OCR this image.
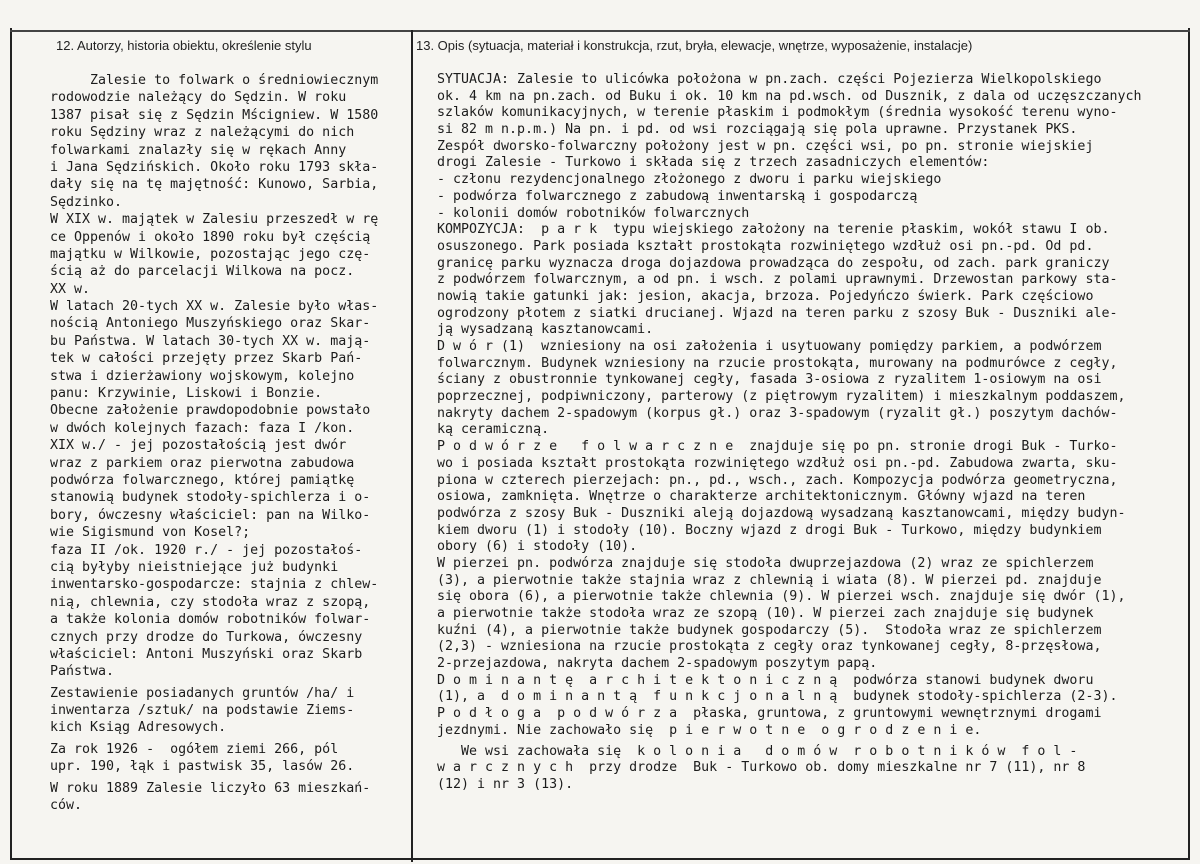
12. Autorzy, historia obiektu, określenie stylu	13. Opis (sytuacja, materiał i konstrukcja, rzut, bryła, elewacje, wnętrze, wyposażenie, instalacje)
Zalesie to folwark o średniowiecznym
rodowodzie należący do Sędzin. W roku
1387 pisał się z Sędzin Mścigniew. W 1580
roku Sędziny wraz z należącymi do nich
folwarkami znalazły się w rękach Anny
i Jana Sędzińskich. Około roku 1793 skła-
dały się na tę majętność: Kunowo, Sarbia,
Sędzinko.
W XIX w. majątek w Zalesiu przeszedł w rę
ce Oppenów i około 1890 roku był częścią
majątku w Wilkowie, pozostając jego czę-
ścią aż do parcelacji Wilkowa na pocz.
XX w.
W latach 20-tych XX w. Zalesie było włas-
nością Antoniego Muszyńskiego oraz Skar-
bu Państwa. W latach 30-tych XX w. mają-
tek w całości przejęty przez Skarb Pań-
stwa i dzierżawiony wojskowym, kolejno
panu: Krzywinie, Liskowi i Bonzie.
Obecne założenie prawdopodobnie powstało
w dwóch kolejnych fazach: faza I /kon.
XIX w./ - jej pozostałością jest dwór
wraz z parkiem oraz pierwotna zabudowa
podwórza folwarcznego, której pamiątkę
stanowią budynek stodoły-spichlerza i o-
bory, ówczesny właściciel: pan na Wilko-
wie Sigismund von Kosel?;
faza II /ok. 1920 r./ - jej pozostałoś-
cią byłyby nieistniejące już budynki
inwentarsko-gospodarcze: stajnia z chlew-
nią, chlewnia, czy stodoła wraz z szopą,
a także kolonia domów robotników folwar-
cznych przy drodze do Turkowa, ówczesny
właściciel: Antoni Muszyński oraz Skarb
Państwa.
Zestawienie posiadanych gruntów /ha/ i
inwentarza /sztuk/ na podstawie Ziems-
kich Ksiąg Adresowych.
Za rok 1926 -  ogółem ziemi 266, pól
upr. 190, łąk i pastwisk 35, lasów 26.
W roku 1889 Zalesie liczyło 63 mieszkań-
ców.
SYTUACJA: Zalesie to ulicówka położona w pn.zach. części Pojezierza Wielkopolskiego
ok. 4 km na pn.zach. od Buku i ok. 10 km na pd.wsch. od Dusznik, z dala od uczęszczanych
szlaków komunikacyjnych, w terenie płaskim i podmokłym (średnia wysokość terenu wyno-
si 82 m n.p.m.) Na pn. i pd. od wsi rozciągają się pola uprawne. Przystanek PKS.
Zespół dworsko-folwarczny położony jest w pn. części wsi, po pn. stronie wiejskiej
drogi Zalesie - Turkowo i składa się z trzech zasadniczych elementów:
- członu rezydencjonalnego złożonego z dworu i parku wiejskiego
- podwórza folwarcznego z zabudową inwentarską i gospodarczą
- kolonii domów robotników folwarcznych
KOMPOZYCJA:  p a r k  typu wiejskiego założony na terenie płaskim, wokół stawu I ob.
osuszonego. Park posiada kształt prostokąta rozwiniętego wzdłuż osi pn.-pd. Od pd.
granicę parku wyznacza droga dojazdowa prowadząca do zespołu, od zach. park graniczy
z podwórzem folwarcznym, a od pn. i wsch. z polami uprawnymi. Drzewostan parkowy sta-
nowią takie gatunki jak: jesion, akacja, brzoza. Pojedyńczo świerk. Park częściowo
ogrodzony płotem z siatki drucianej. Wjazd na teren parku z szosy Buk - Duszniki ale-
ją wysadzaną kasztanowcami.
D w ó r (1)  wzniesiony na osi założenia i usytuowany pomiędzy parkiem, a podwórzem
folwarcznym. Budynek wzniesiony na rzucie prostokąta, murowany na podmurówce z cegły,
ściany z obustronnie tynkowanej cegły, fasada 3-osiowa z ryzalitem 1-osiowym na osi
poprzecznej, podpiwniczony, parterowy (z piętrowym ryzalitem) i mieszkalnym poddaszem,
nakryty dachem 2-spadowym (korpus gł.) oraz 3-spadowym (ryzalit gł.) poszytym dachów-
ką ceramiczną.
P o d w ó r z e   f o l w a r c z n e  znajduje się po pn. stronie drogi Buk - Turko-
wo i posiada kształt prostokąta rozwiniętego wzdłuż osi pn.-pd. Zabudowa zwarta, sku-
piona w czterech pierzejach: pn., pd., wsch., zach. Kompozycja podwórza geometryczna,
osiowa, zamknięta. Wnętrze o charakterze architektonicznym. Główny wjazd na teren
podwórza z szosy Buk - Duszniki aleją dojazdową wysadzaną kasztanowcami, między budyn-
kiem dworu (1) i stodoły (10). Boczny wjazd z drogi Buk - Turkowo, między budynkiem
obory (6) i stodoły (10).
W pierzei pn. podwórza znajduje się stodoła dwuprzejazdowa (2) wraz ze spichlerzem
(3), a pierwotnie także stajnia wraz z chlewnią i wiata (8). W pierzei pd. znajduje
się obora (6), a pierwotnie także chlewnia (9). W pierzei wsch. znajduje się dwór (1),
a pierwotnie także stodoła wraz ze szopą (10). W pierzei zach znajduje się budynek
kuźni (4), a pierwotnie także budynek gospodarczy (5).  Stodoła wraz ze spichlerzem
(2,3) - wzniesiona na rzucie prostokąta z cegły oraz tynkowanej cegły, 8-przęsłowa,
2-przejazdowa, nakryta dachem 2-spadowym poszytym papą.
D o m i n a n t ę  a r c h i t e k t o n i c z n ą  podwórza stanowi budynek dworu
(1), a  d o m i n a n t ą  f u n k c j o n a l n ą  budynek stodoły-spichlerza (2-3).
P o d ł o g a  p o d w ó r z a  płaska, gruntowa, z gruntowymi wewnętrznymi drogami
jezdnymi. Nie zachowało się  p i e r w o t n e  o g r o d z e n i e.
We wsi zachowała się  k o l o n i a   d o m ó w  r o b o t n i k ó w  f o l -
w a r c z n y c h  przy drodze  Buk - Turkowo ob. domy mieszkalne nr 7 (11), nr 8
(12) i nr 3 (13).
